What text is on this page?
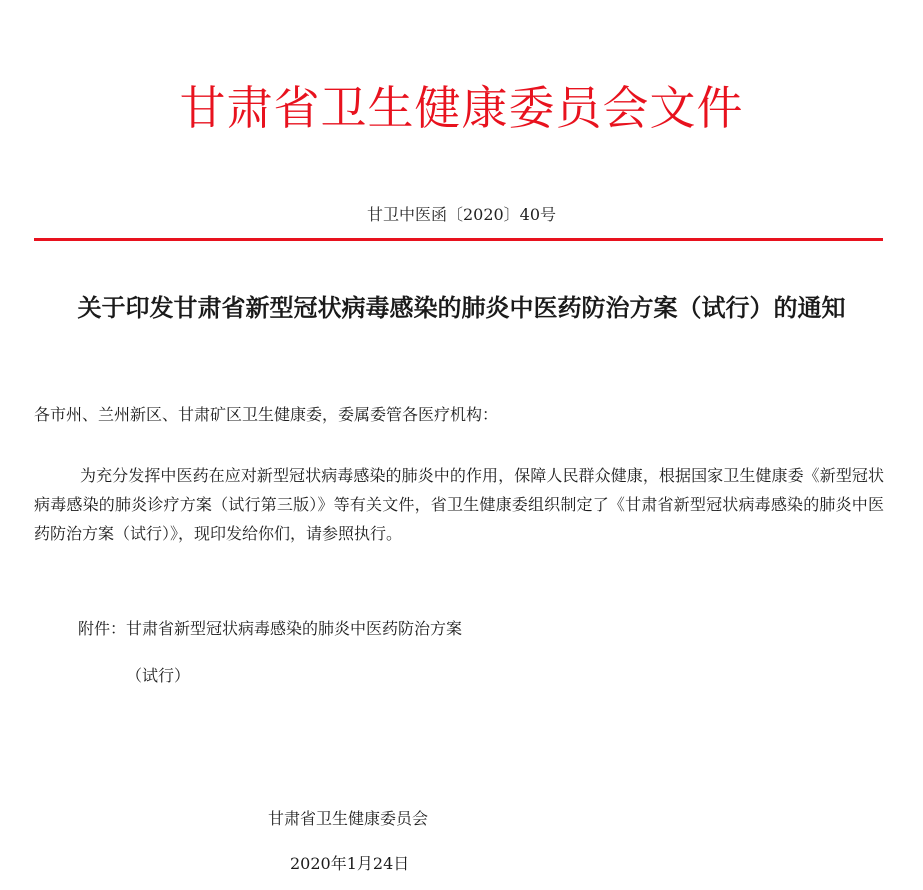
甘肃省卫生健康委员会文件
甘卫中医函〔2020〕40号
关于印发甘肃省新型冠状病毒感染的肺炎中医药防治方案（试行）的通知
各市州、兰州新区、甘肃矿区卫生健康委，委属委管各医疗机构：
为充分发挥中医药在应对新型冠状病毒感染的肺炎中的作用，保障人民群众健康，根据国家卫生健康委《新型冠状病毒感染的肺炎诊疗方案（试行第三版）》等有关文件，省卫生健康委组织制定了《甘肃省新型冠状病毒感染的肺炎中医药防治方案（试行）》，现印发给你们，请参照执行。
附件：甘肃省新型冠状病毒感染的肺炎中医药防治方案
（试行）
甘肃省卫生健康委员会
2020年1月24日
